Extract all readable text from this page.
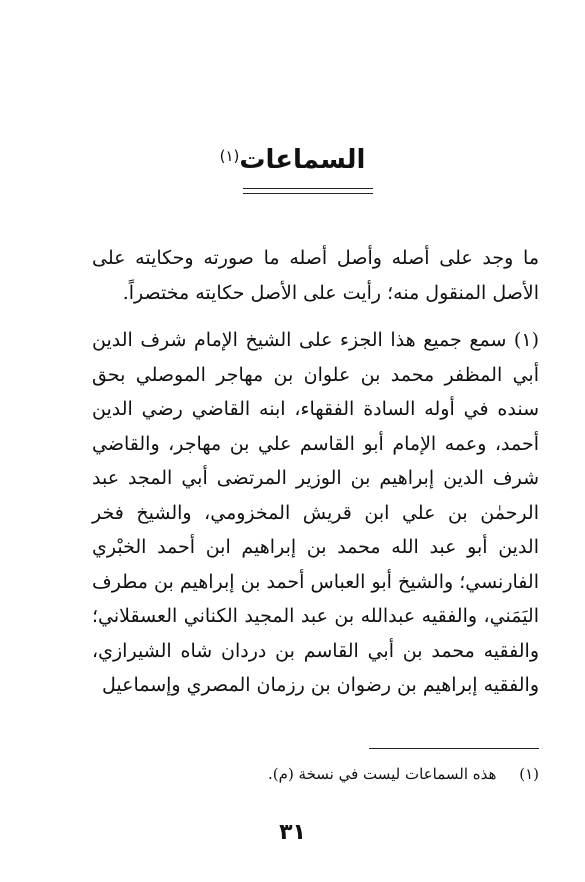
السماعات$^{(١)}$

ما وجد على أصله وأصل أصله ما صورته وحكايته على الأصل المنقول منه؛ رأيت على الأصل حكايته مختصراً.

(١) سمع جميع هذا الجزء على الشيخ الإمام شرف الدين أبي المظفر محمد بن علوان بن مهاجر الموصلي بحق سنده في أوله السادة الفقهاء، ابنه القاضي رضي الدين أحمد، وعمه الإمام أبو القاسم علي بن مهاجر، والقاضي شرف الدين إبراهيم بن الوزير المرتضى أبي المجد عبد الرحمٰن بن علي ابن قريش المخزومي، والشيخ فخر الدين أبو عبد الله محمد بن إبراهيم ابن أحمد الخبْري الفارنسي؛ والشيخ أبو العباس أحمد بن إبراهيم بن مطرف اليَمَني، والفقيه عبدالله بن عبد المجيد الكناني العسقلاني؛ والفقيه محمد بن أبي القاسم بن دردان شاه الشيرازي، والفقيه إبراهيم بن رضوان بن رزمان المصري وإسماعيل

(١) هذه السماعات ليست في نسخة (م).
٣١
